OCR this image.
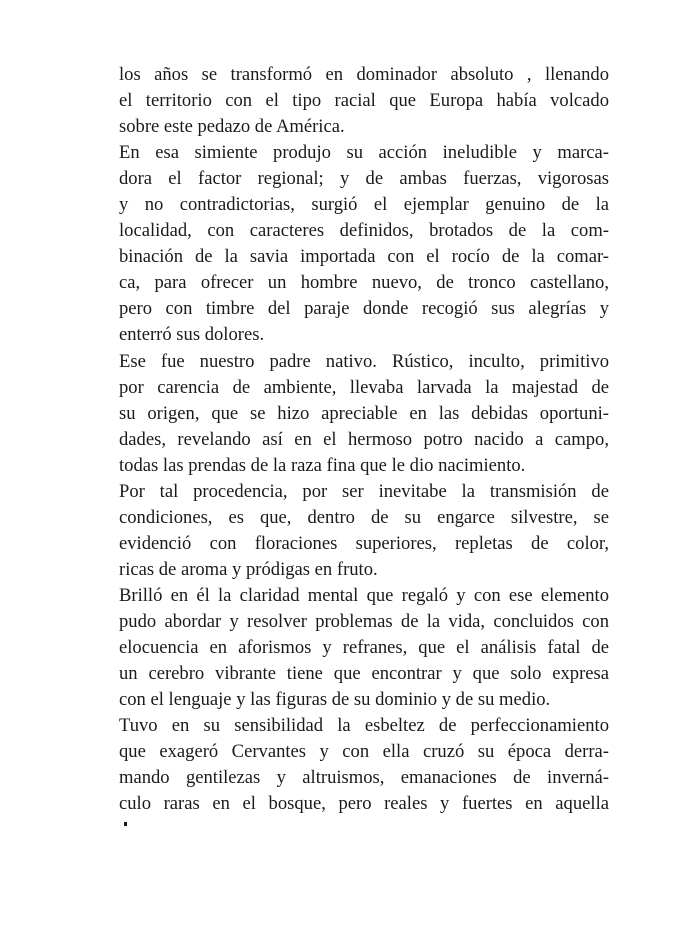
los años se transformó en dominador absoluto , llenando
el territorio con el tipo racial que Europa había volcado
sobre este pedazo de América.
En esa simiente produjo su acción ineludible y marca-
dora el factor regional; y de ambas fuerzas, vigorosas
y no contradictorias, surgió el ejemplar genuino de la
localidad, con caracteres definidos, brotados de la com-
binación de la savia importada con el rocío de la comar-
ca, para ofrecer un hombre nuevo, de tronco castellano,
pero con timbre del paraje donde recogió sus alegrías y
enterró sus dolores.
Ese fue nuestro padre nativo. Rústico, inculto, primitivo
por carencia de ambiente, llevaba larvada la majestad de
su origen, que se hizo apreciable en las debidas oportuni-
dades, revelando así en el hermoso potro nacido a campo,
todas las prendas de la raza fina que le dio nacimiento.
Por tal procedencia, por ser inevitabe la transmisión de
condiciones, es que, dentro de su engarce silvestre, se
evidenció con floraciones superiores, repletas de color,
ricas de aroma y pródigas en fruto.
Brilló en él la claridad mental que regaló y con ese elemento
pudo abordar y resolver problemas de la vida, concluidos con
elocuencia en aforismos y refranes, que el análisis fatal de
un cerebro vibrante tiene que encontrar y que solo expresa
con el lenguaje y las figuras de su dominio y de su medio.
Tuvo en su sensibilidad la esbeltez de perfeccionamiento
que exageró Cervantes y con ella cruzó su época derra-
mando gentilezas y altruismos, emanaciones de inverná-
culo raras en el bosque, pero reales y fuertes en aquella
